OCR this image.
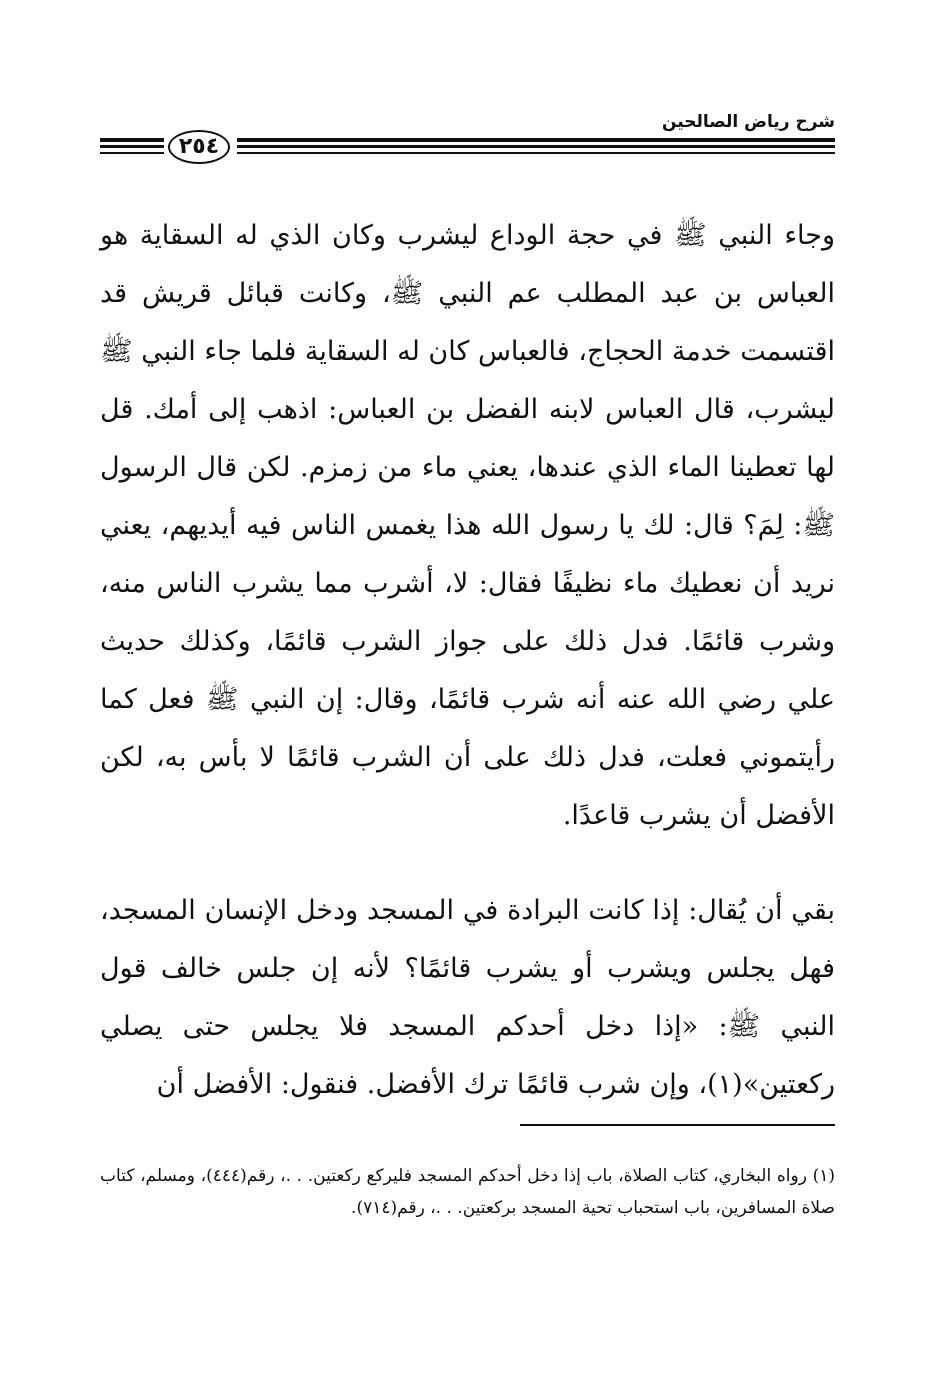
شرح رياض الصالحين
٢٥٤

وجاء النبي ﷺ في حجة الوداع ليشرب وكان الذي له السقاية هو العباس بن عبد المطلب عم النبي ﷺ، وكانت قبائل قريش قد اقتسمت خدمة الحجاج، فالعباس كان له السقاية فلما جاء النبي ﷺ ليشرب، قال العباس لابنه الفضل بن العباس: اذهب إلى أمك. قل لها تعطينا الماء الذي عندها، يعني ماء من زمزم. لكن قال الرسول ﷺ: لِمَ؟ قال: لك يا رسول الله هذا يغمس الناس فيه أيديهم، يعني نريد أن نعطيك ماء نظيفًا فقال: لا، أشرب مما يشرب الناس منه، وشرب قائمًا. فدل ذلك على جواز الشرب قائمًا، وكذلك حديث علي رضي الله عنه أنه شرب قائمًا، وقال: إن النبي ﷺ فعل كما رأيتموني فعلت، فدل ذلك على أن الشرب قائمًا لا بأس به، لكن الأفضل أن يشرب قاعدًا.

بقي أن يُقال: إذا كانت البرادة في المسجد ودخل الإنسان المسجد، فهل يجلس ويشرب أو يشرب قائمًا؟ لأنه إن جلس خالف قول النبي ﷺ: «إذا دخل أحدكم المسجد فلا يجلس حتى يصلي ركعتين»(١)، وإن شرب قائمًا ترك الأفضل. فنقول: الأفضل أن

(١) رواه البخاري، كتاب الصلاة، باب إذا دخل أحدكم المسجد فليركع ركعتين. . .، رقم(٤٤٤)، ومسلم، كتاب صلاة المسافرين، باب استحباب تحية المسجد بركعتين. . .، رقم(٧١٤).
